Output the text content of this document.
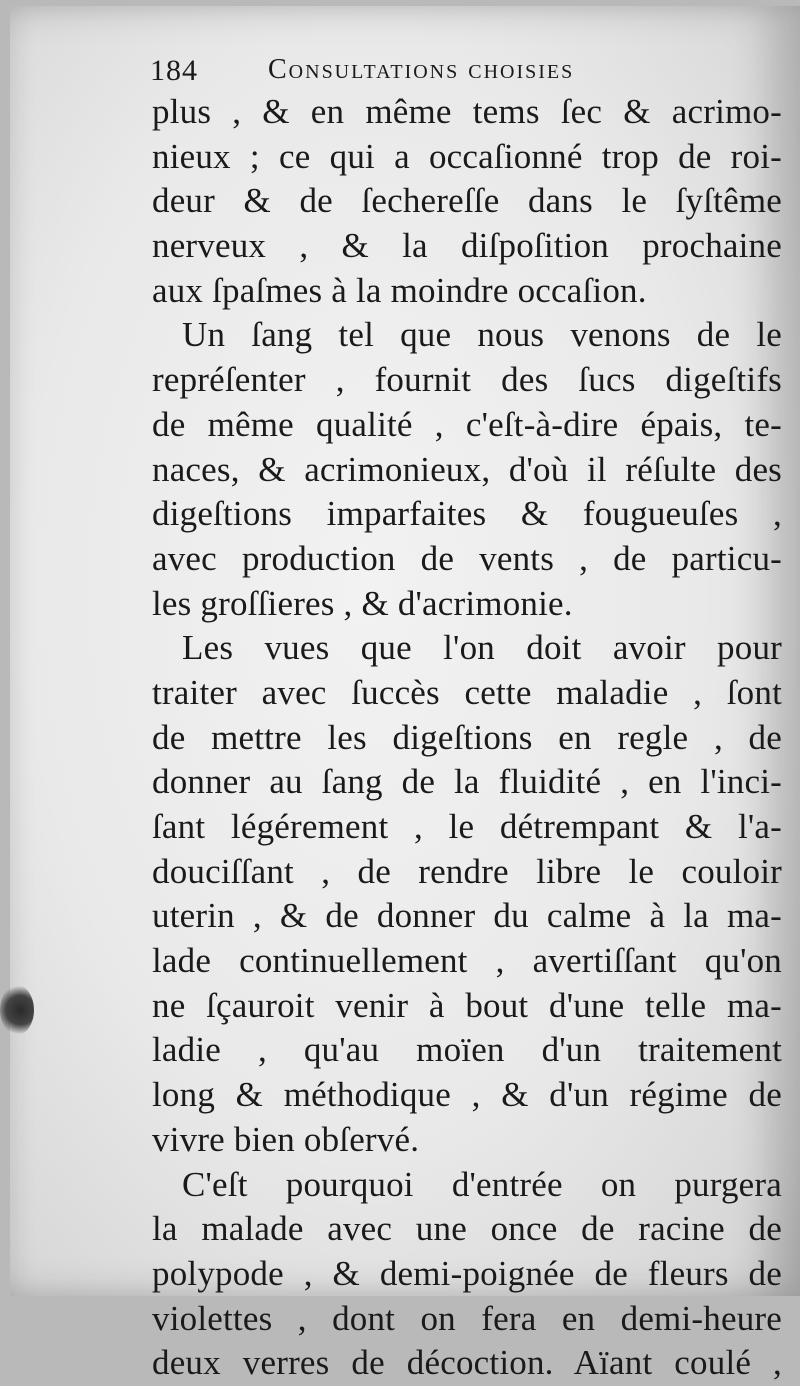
184	Consultations choisies
plus , & en même tems ſec & acrimo-
nieux ; ce qui a occaſionné trop de roi-
deur & de ſechereſſe dans le ſyſtême
nerveux , & la diſpoſition prochaine
aux ſpaſmes à la moindre occaſion.
Un ſang tel que nous venons de le
repréſenter , fournit des ſucs digeſtifs
de même qualité , c'eſt-à-dire épais, te-
naces, & acrimonieux, d'où il réſulte des
digeſtions imparfaites & fougueuſes ,
avec production de vents , de particu-
les groſſieres , & d'acrimonie.
Les vues que l'on doit avoir pour
traiter avec ſuccès cette maladie , ſont
de mettre les digeſtions en regle , de
donner au ſang de la fluidité , en l'inci-
ſant légérement , le détrempant & l'a-
douciſſant , de rendre libre le couloir
uterin , & de donner du calme à la ma-
lade continuellement , avertiſſant qu'on
ne ſçauroit venir à bout d'une telle ma-
ladie , qu'au moïen d'un traitement
long & méthodique , & d'un régime de
vivre bien obſervé.
C'eſt pourquoi d'entrée on purgera
la malade avec une once de racine de
polypode , & demi-poignée de fleurs de
violettes , dont on fera en demi-heure
deux verres de décoction. Aïant coulé ,
